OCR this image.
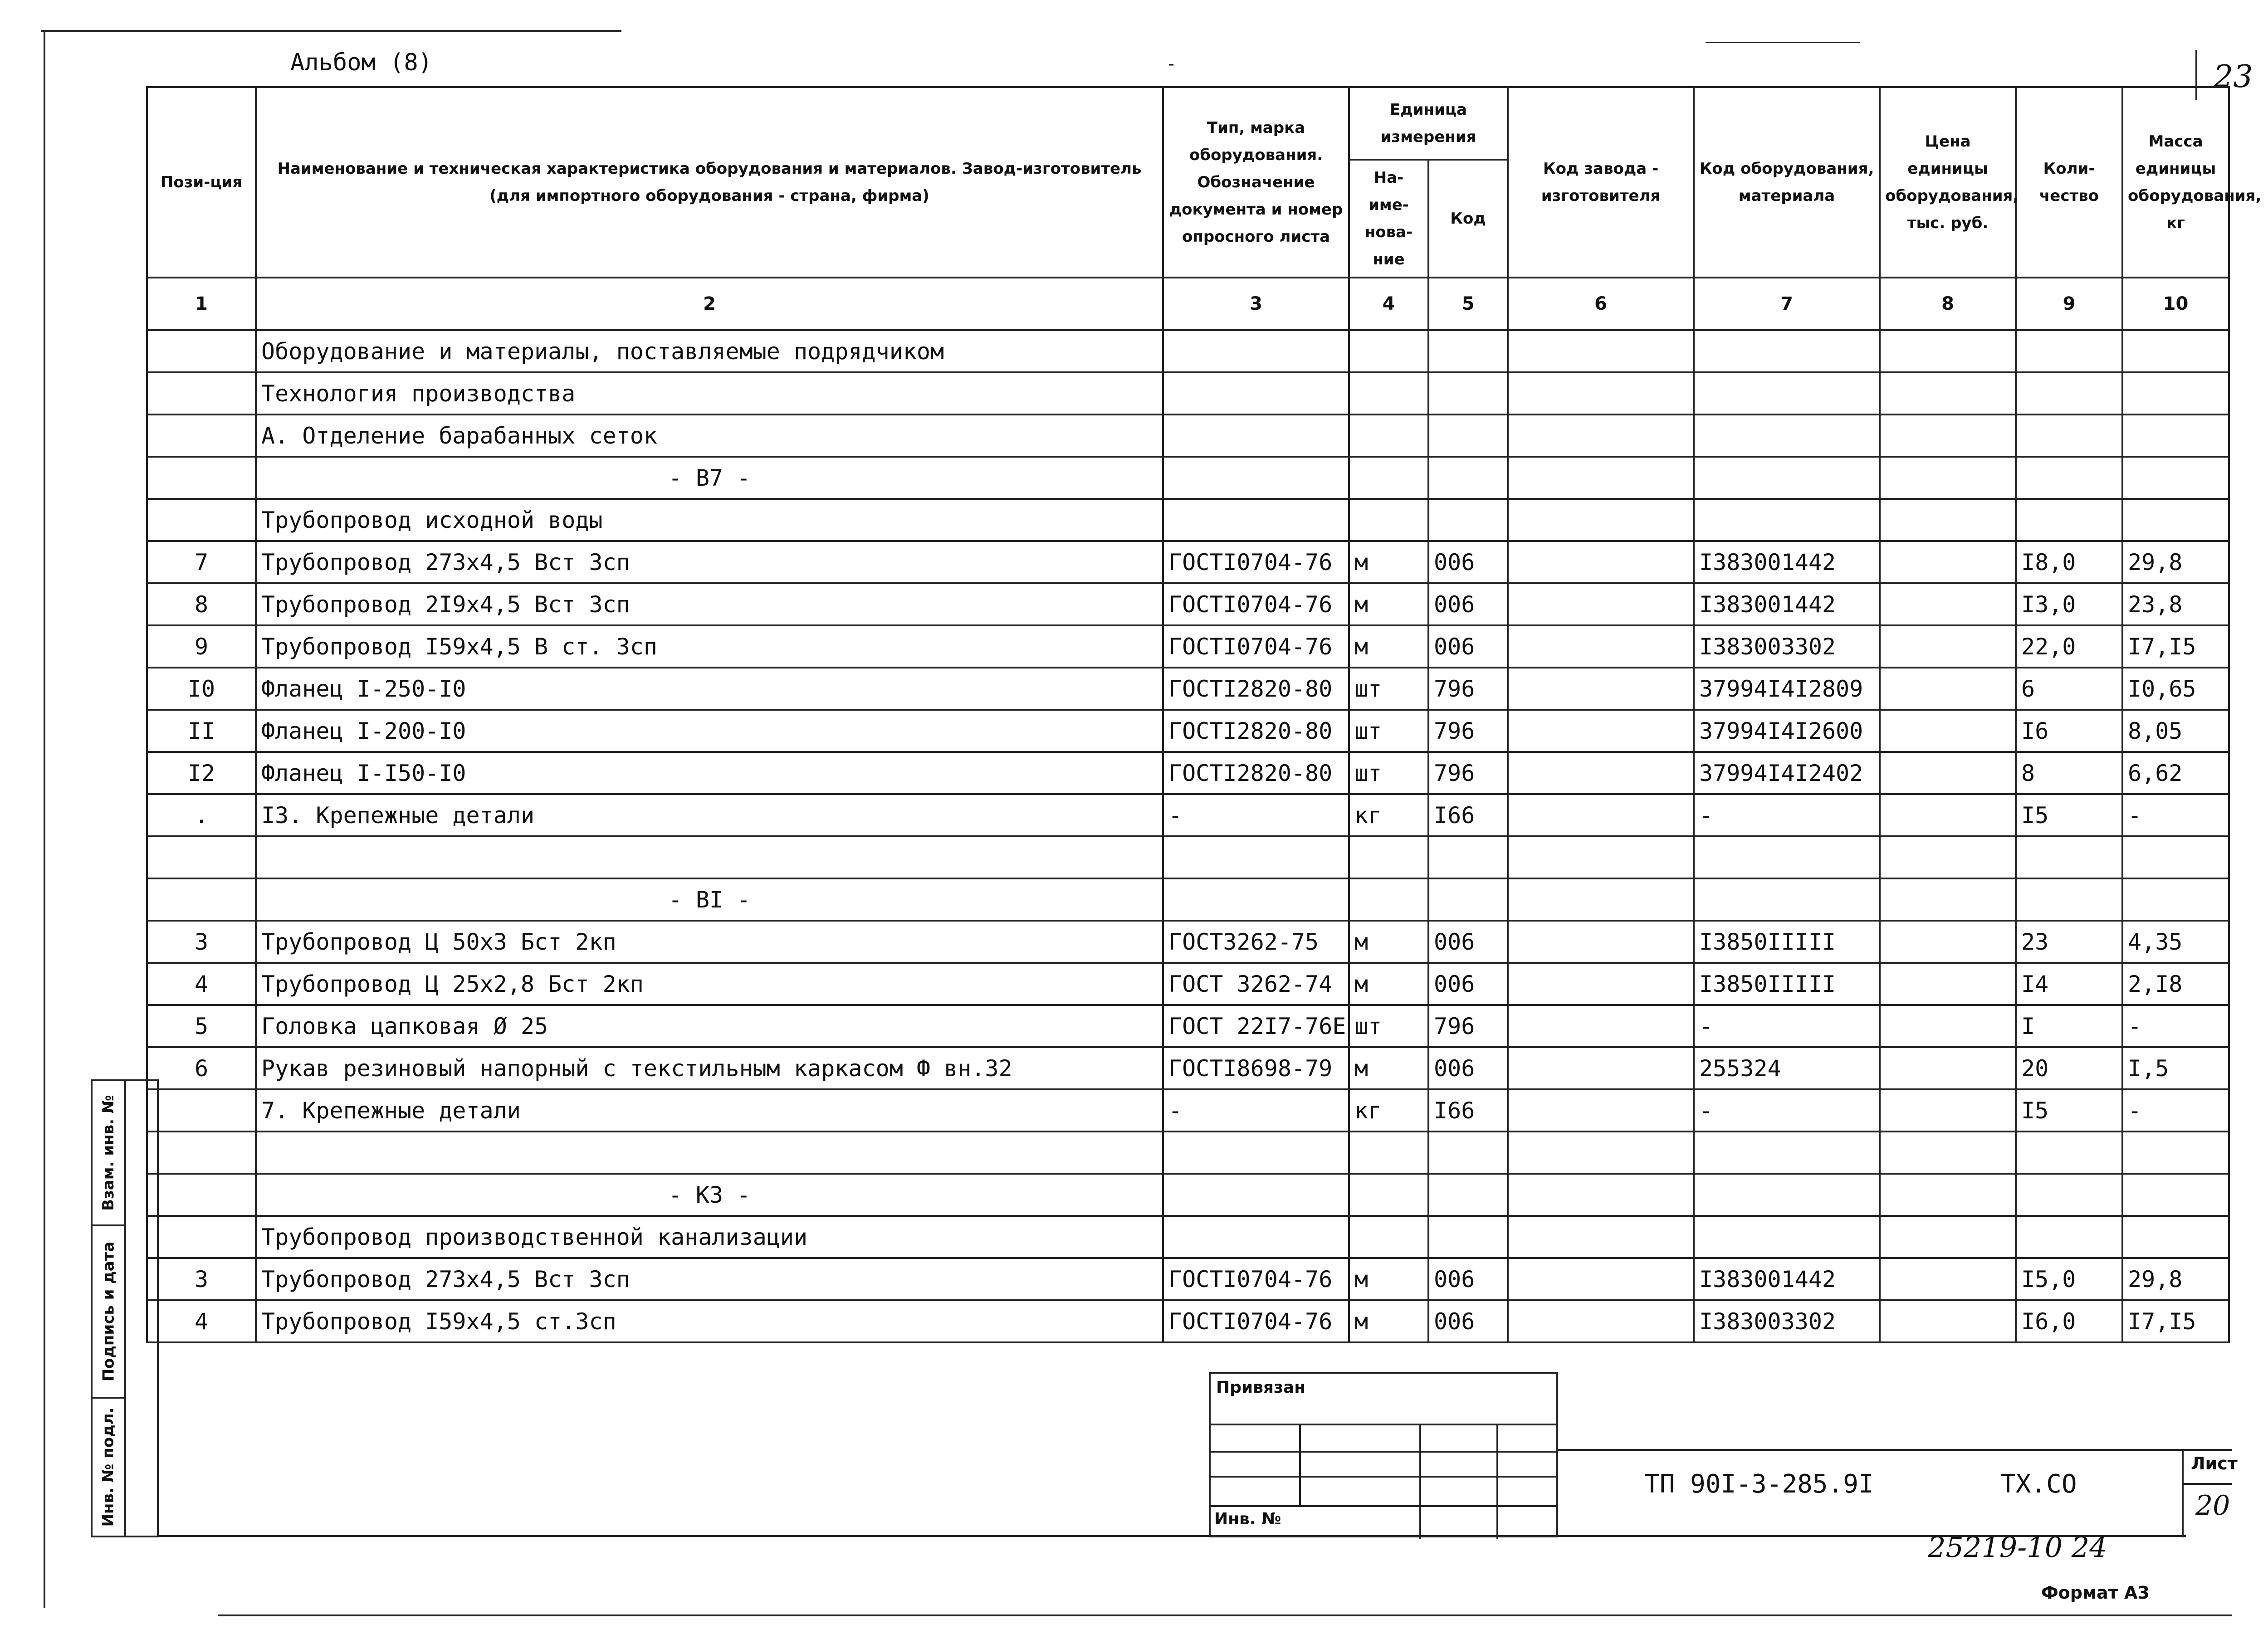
Альбом (8)	-	23
Пози-ция	Наименование и техническая характеристика оборудования и материалов. Завод-изготовитель (для импортного оборудования - страна, фирма)	Тип, марка оборудования. Обозначение документа и номер опросного листа	Единица измерения		Код завода - изготовителя	Код оборудования, материала	Цена единицы оборудования, тыс. руб.	Коли-чество	Масса единицы оборудования, кг
			На-име-нова-ние	Код					
1	2	3	4	5	6	7	8	9	10
	Оборудование и материалы, поставляемые подрядчиком								
	Технология производства								
	А. Отделение барабанных сеток								
	- В7 -								
	Трубопровод исходной воды								
7	Трубопровод 273х4,5 Вст 3сп	ГОСТI0704-76	м	006		I383001442		I8,0	29,8
8	Трубопровод 2I9х4,5 Вст 3сп	ГОСТI0704-76	м	006		I383001442		I3,0	23,8
9	Трубопровод I59х4,5 В ст. 3сп	ГОСТI0704-76	м	006		I383003302		22,0	I7,I5
I0	Фланец I-250-I0	ГОСТI2820-80	шт	796		37994I4I2809		6	I0,65
II	Фланец I-200-I0	ГОСТI2820-80	шт	796		37994I4I2600		I6	8,05
I2	Фланец I-I50-I0	ГОСТI2820-80	шт	796		37994I4I2402		8	6,62
.	I3. Крепежные детали	-	кг	I66		-		I5	-

	- BI -								
3	Трубопровод Ц 50х3 Бст 2кп	ГОСТ3262-75	м	006		I3850IIIII		23	4,35
4	Трубопровод Ц 25х2,8 Бст 2кп	ГОСТ 3262-74	м	006		I3850IIIII		I4	2,I8
5	Головка цапковая Ø 25	ГОСТ 22I7-76Е	шт	796		-		I	-
6	Рукав резиновый напорный с текстильным каркасом Ф вн.32	ГОСТI8698-79	м	006		255324		20	I,5
	7. Крепежные детали	-	кг	I66		-		I5	-

	- К3 -								
	Трубопровод производственной канализации								
3	Трубопровод 273х4,5 Вст 3сп	ГОСТI0704-76	м	006		I383001442		I5,0	29,8
4	Трубопровод I59х4,5 ст.3сп	ГОСТI0704-76	м	006		I383003302		I6,0	I7,I5
Взам. инв. №
Подпись и дата
Инв. № подл.
Привязан
Инв. №
ТП 90I-3-285.9I	ТХ.СО
Лист
20
25219-10 24
Формат А3
